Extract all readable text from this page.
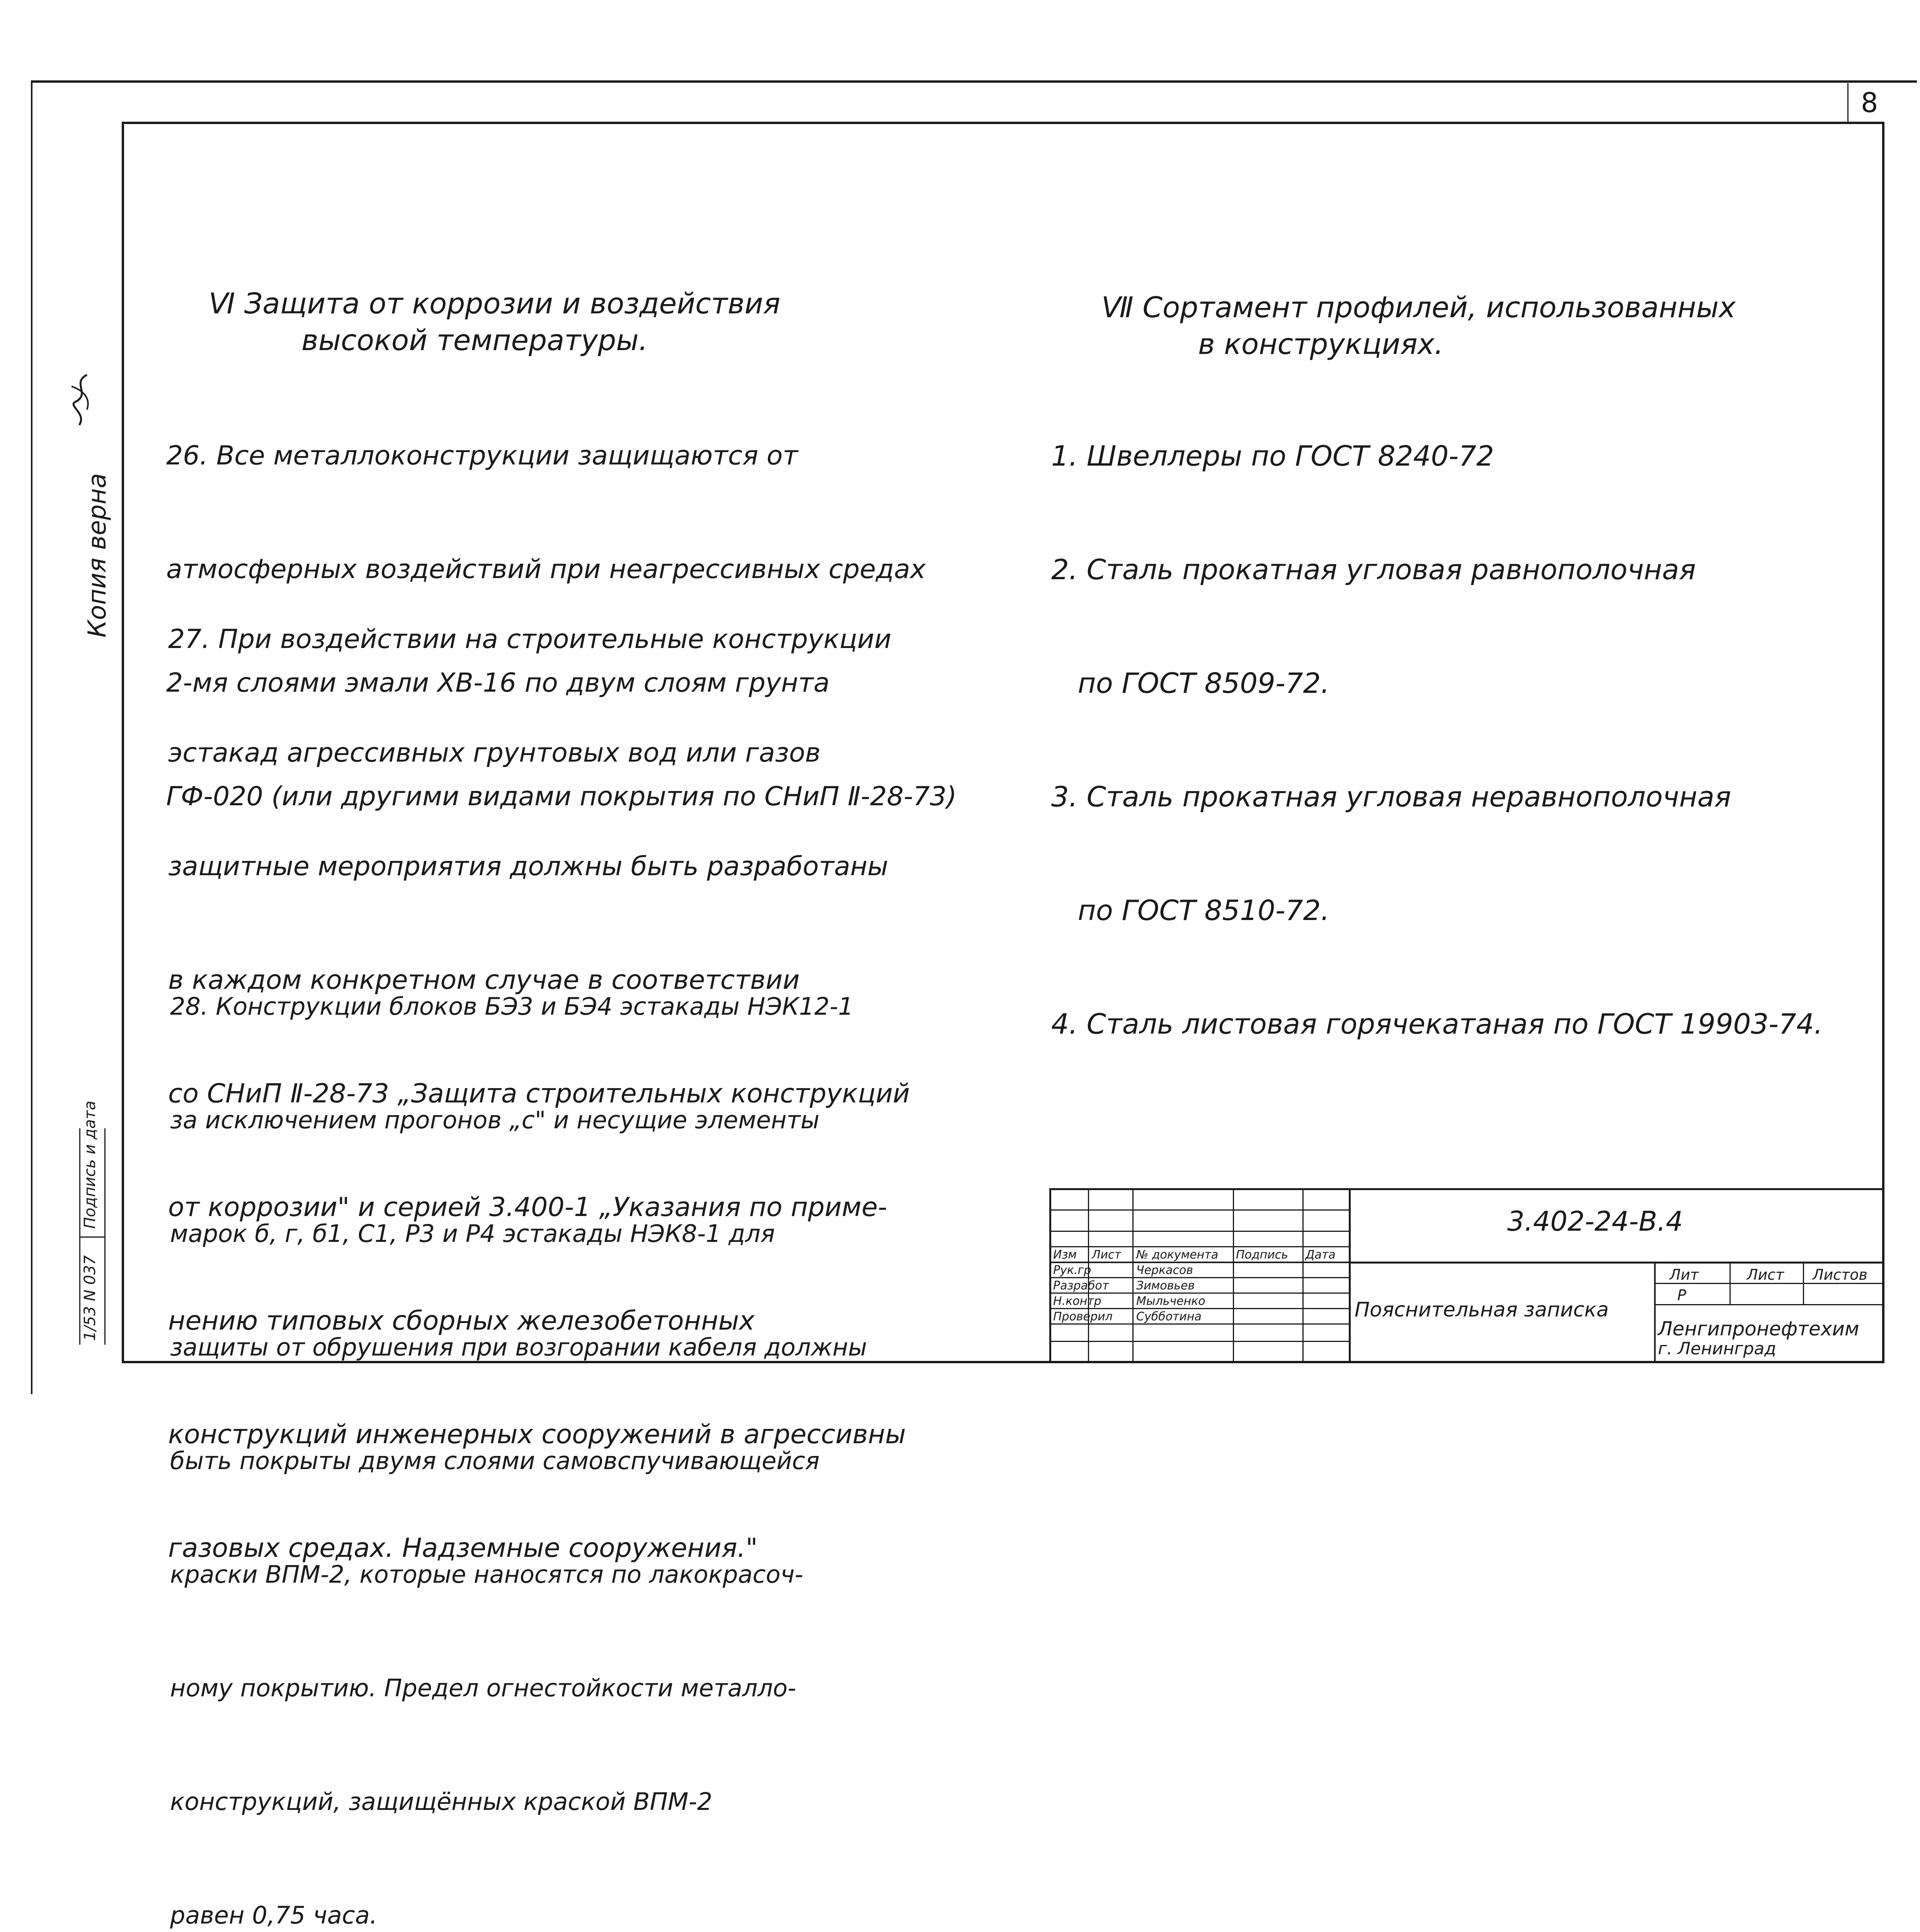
8
Копия верна
Подпись и дата
1/53 N 037
Ⅵ Защита от коррозии и воздействия
высокой температуры.

26. Все металлоконструкции защищаются от

атмосферных воздействий при неагрессивных средах

2-мя слоями эмали ХВ-16 по двум слоям грунта

ГФ-020 (или другими видами покрытия по СНиП Ⅱ-28-73)

27. При воздействии на строительные конструкции

эстакад агрессивных грунтовых вод или газов

защитные мероприятия должны быть разработаны

в каждом конкретном случае в соответствии

со СНиП Ⅱ-28-73 „Защита строительных конструкций

от коррозии" и серией 3.400-1 „Указания по приме-

нению типовых сборных железобетонных

конструкций инженерных сооружений в агрессивны

газовых средах. Надземные сооружения."

28. Конструкции блоков БЭ3 и БЭ4 эстакады НЭК12-1

за исключением прогонов „с" и несущие элементы

марок б, г, б1, С1, Р3 и Р4 эстакады НЭК8-1 для

защиты от обрушения при возгорании кабеля должны

быть покрыты двумя слоями самовспучивающейся

краски ВПМ-2, которые наносятся по лакокрасоч-

ному покрытию. Предел огнестойкости металло-

конструкций, защищённых краской ВПМ-2

равен 0,75 часа.

Ⅶ Сортамент профилей, использованных
в конструкциях.

1. Швеллеры по ГОСТ 8240-72

2. Сталь прокатная угловая равнополочная

по ГОСТ 8509-72.

3. Сталь прокатная угловая неравнополочная

по ГОСТ 8510-72.

4. Сталь листовая горячекатаная по ГОСТ 19903-74.

Изм Лист № документа Подпись Дата
Рук.гр	Черкасов
Разработ Зимовьев
Н.контр	Мыльченко
Проверил Субботина
3.402-24-В.4
Пояснительная записка
Лит	Лист Листов
Р
Ленгипронефтехим
г. Ленинград
